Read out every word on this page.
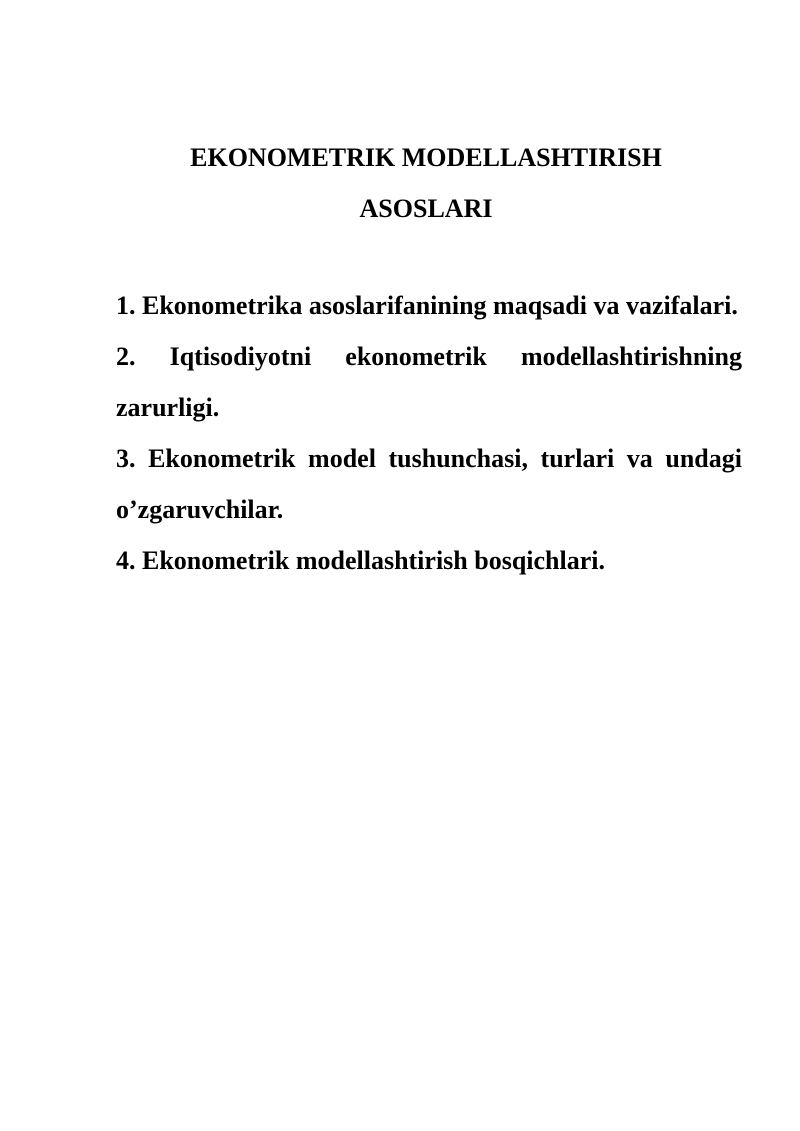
EKONOMETRIK MODELLASHTIRISH
ASOSLARI
1. Ekonometrika asoslarifanining maqsadi va vazifalari.
2. Iqtisodiyotni ekonometrik modellashtirishning zarurligi.
3. Ekonometrik model tushunchasi, turlari va undagi o’zgaruvchilar.
4. Ekonometrik modellashtirish bosqichlari.
